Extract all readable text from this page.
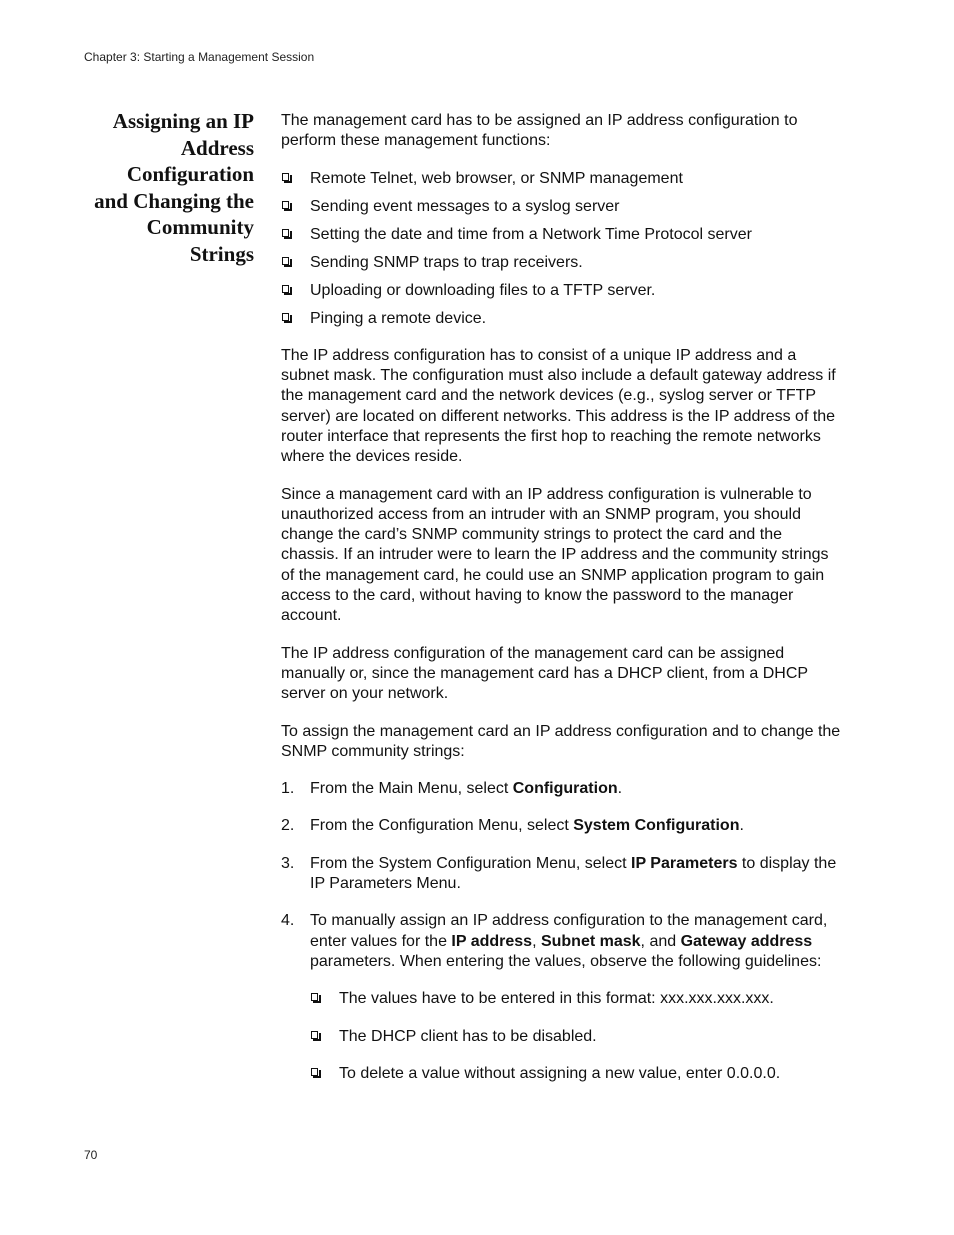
Chapter 3: Starting a Management Session
Assigning an IP
Address
Configuration
and Changing the
Community
Strings

The management card has to be assigned an IP address configuration to perform these management functions:

Remote Telnet, web browser, or SNMP management
Sending event messages to a syslog server
Setting the date and time from a Network Time Protocol server
Sending SNMP traps to trap receivers.
Uploading or downloading files to a TFTP server.
Pinging a remote device.

The IP address configuration has to consist of a unique IP address and a subnet mask. The configuration must also include a default gateway address if the management card and the network devices (e.g., syslog server or TFTP server) are located on different networks. This address is the IP address of the router interface that represents the first hop to reaching the remote networks where the devices reside.

Since a management card with an IP address configuration is vulnerable to unauthorized access from an intruder with an SNMP program, you should change the card’s SNMP community strings to protect the card and the chassis. If an intruder were to learn the IP address and the community strings of the management card, he could use an SNMP application program to gain access to the card, without having to know the password to the manager account.

The IP address configuration of the management card can be assigned manually or, since the management card has a DHCP client, from a DHCP server on your network.

To assign the management card an IP address configuration and to change the SNMP community strings:

1. From the Main Menu, select Configuration.
2. From the Configuration Menu, select System Configuration.
3. From the System Configuration Menu, select IP Parameters to display the IP Parameters Menu.
4. To manually assign an IP address configuration to the management card, enter values for the IP address, Subnet mask, and Gateway address parameters. When entering the values, observe the following guidelines:
The values have to be entered in this format: xxx.xxx.xxx.xxx.
The DHCP client has to be disabled.
To delete a value without assigning a new value, enter 0.0.0.0.
70
